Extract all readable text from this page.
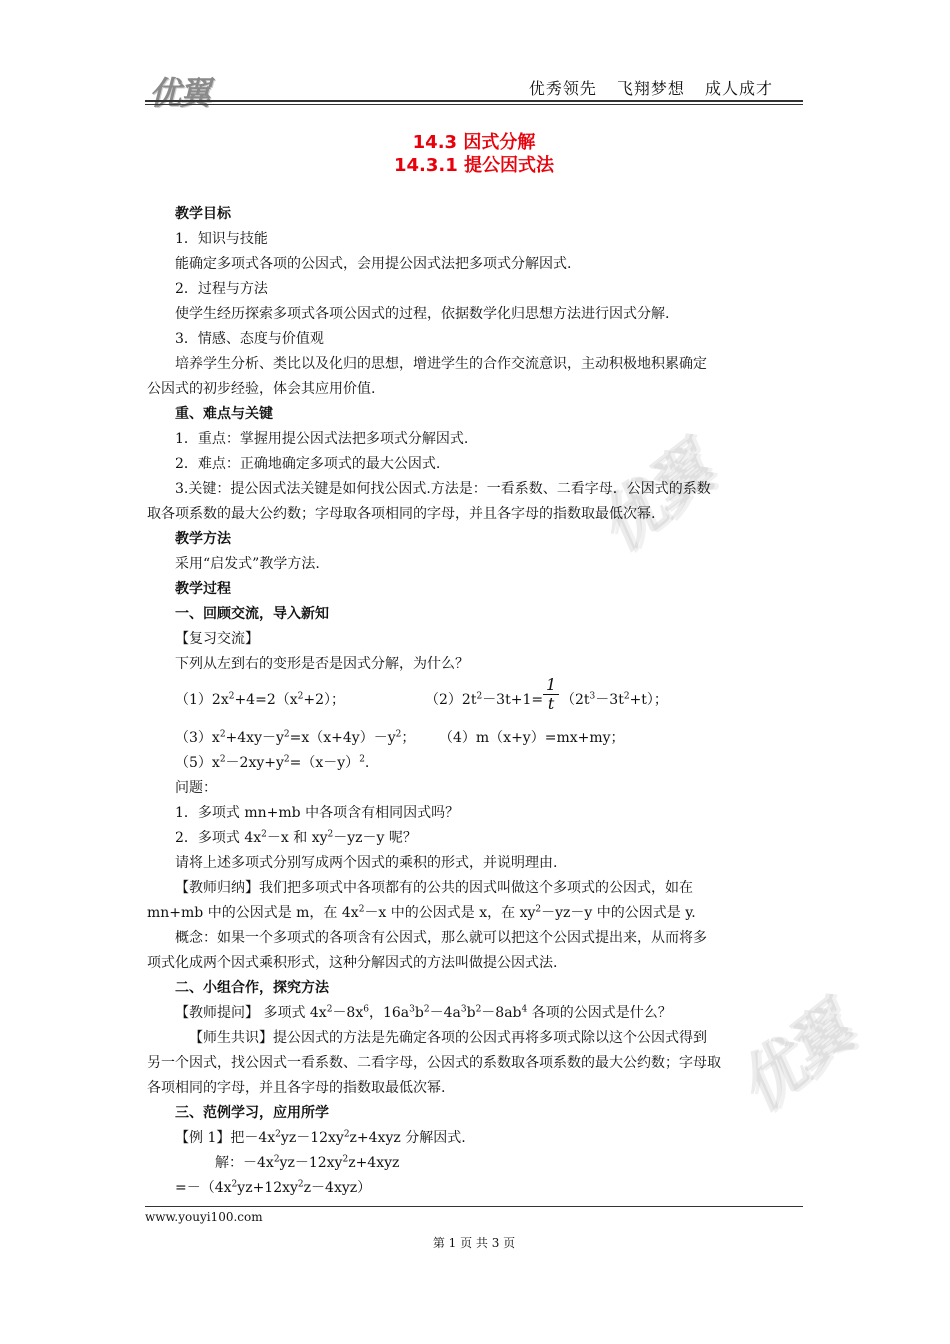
优翼	优秀领先 飞翔梦想 成人成才
14.3 因式分解
14.3.1 提公因式法
优翼
优翼
教学目标
1．知识与技能
能确定多项式各项的公因式，会用提公因式法把多项式分解因式.
2．过程与方法
使学生经历探索多项式各项公因式的过程，依据数学化归思想方法进行因式分解.
3．情感、态度与价值观
培养学生分析、类比以及化归的思想，增进学生的合作交流意识，主动积极地积累确定
公因式的初步经验，体会其应用价值.
重、难点与关键
1．重点：掌握用提公因式法把多项式分解因式.
2．难点：正确地确定多项式的最大公因式.
3.关键：提公因式法关键是如何找公因式.方法是：一看系数、二看字母．公因式的系数
取各项系数的最大公约数；字母取各项相同的字母，并且各字母的指数取最低次幂.
教学方法
采用“启发式”教学方法.
教学过程
一、回顾交流，导入新知
【复习交流】
下列从左到右的变形是否是因式分解，为什么？
$(1)2x^2+4=2(x^2+2)$；	$(2)2t^2-3t+1= \frac{1}{t} (2t^3-3t^2+t)$；
$(3)x^2+4xy-y^2=x(x+4y)-y^2$； （4）m（x+y）=mx+my；
$(5)x^2-2xy+y^2=(x-y)^2$.
问题：
1．多项式 mn+mb 中各项含有相同因式吗？
2．多项式 $4x^2-x$ 和 $xy^2-yz-y$ 呢？
请将上述多项式分别写成两个因式的乘积的形式，并说明理由.
【教师归纳】我们把多项式中各项都有的公共的因式叫做这个多项式的公因式，如在
mn+mb 中的公因式是 m，在 $4x^2-x$ 中的公因式是 x，在 $xy^2-yz-y$ 中的公因式是 y.
概念：如果一个多项式的各项含有公因式，那么就可以把这个公因式提出来，从而将多
项式化成两个因式乘积形式，这种分解因式的方法叫做提公因式法.
二、小组合作，探究方法
【教师提问】 多项式 $4x^2-8x^6$，$16a^3b^2-4a^3b^2-8ab^4$ 各项的公因式是什么？
【师生共识】提公因式的方法是先确定各项的公因式再将多项式除以这个公因式得到
另一个因式，找公因式一看系数、二看字母，公因式的系数取各项系数的最大公约数；字母取
各项相同的字母，并且各字母的指数取最低次幂.
三、范例学习，应用所学
【例 1】把$-4x^2yz-12xy^2z+4xyz$ 分解因式.
解：$-4x^2yz-12xy^2z+4xyz$
$=-(4x^2yz+12xy^2z-4xyz)$
www.youyi100.com
第 1 页 共 3 页
